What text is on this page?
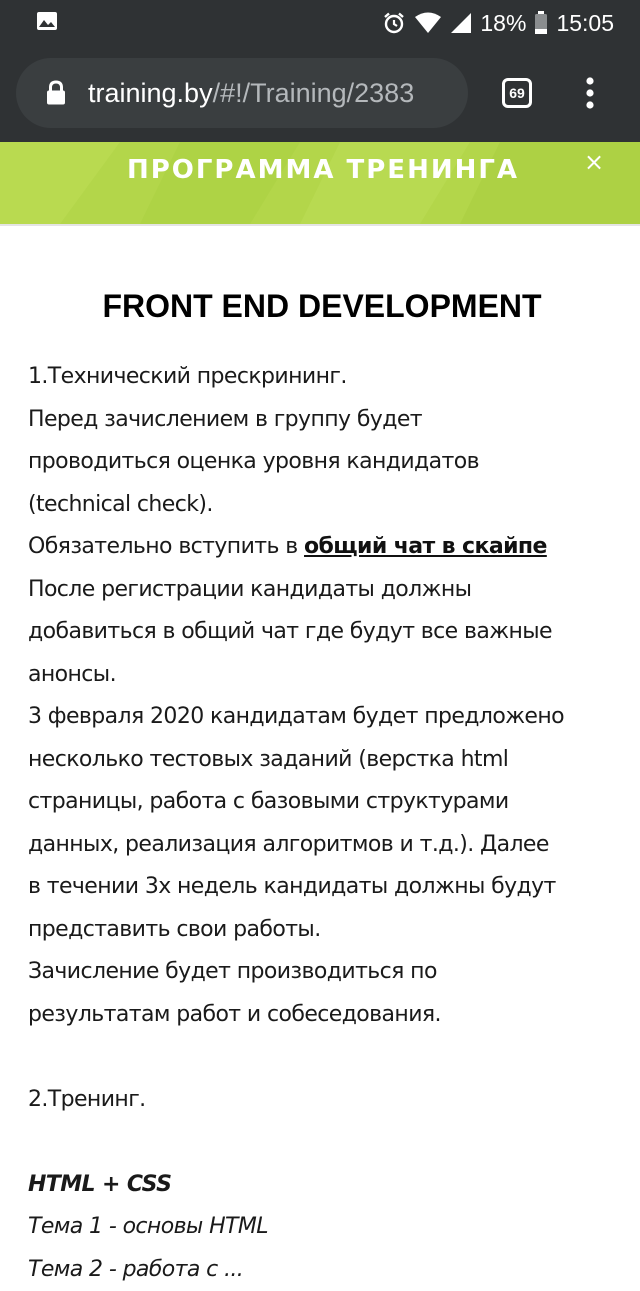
18% 15:05
training.by/#!/Training/2383	69
ПРОГРАММА ТРЕНИНГА	×
FRONT END DEVELOPMENT
1.Технический прескрининг.
Перед зачислением в группу будет
проводиться оценка уровня кандидатов
(technical check).
Обязательно вступить в общий чат в скайпе
После регистрации кандидаты должны
добавиться в общий чат где будут все важные
анонсы.
3 февраля 2020 кандидатам будет предложено
несколько тестовых заданий (верстка html
страницы, работа с базовыми структурами
данных, реализация алгоритмов и т.д.). Далее
в течении 3х недель кандидаты должны будут
представить свои работы.
Зачисление будет производиться по
результатам работ и собеседования.
2.Тренинг.
HTML + CSS
Тема 1 - основы HTML
Тема 2 - работа с ...
